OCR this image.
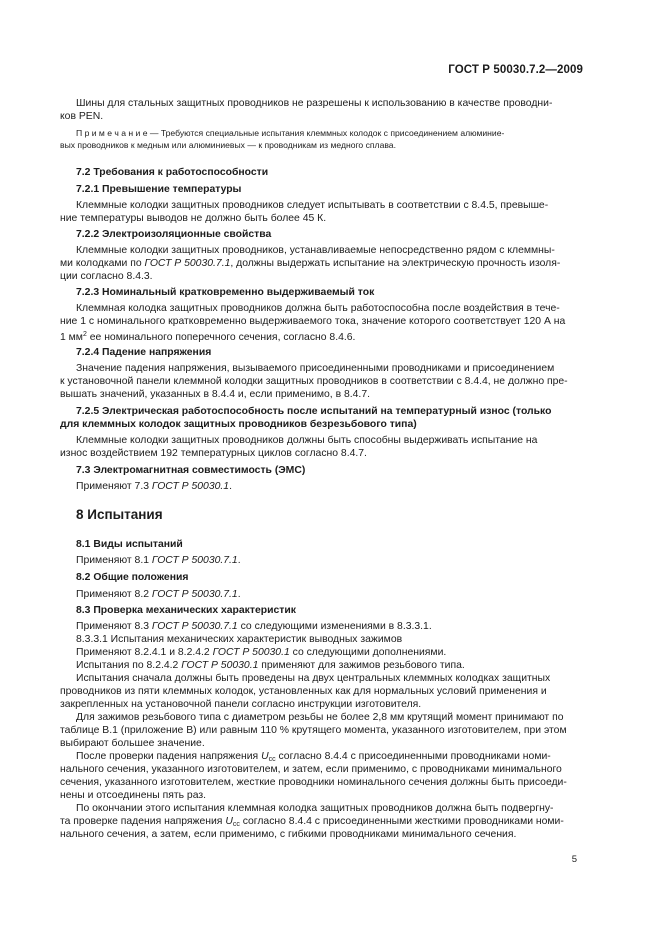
ГОСТ Р 50030.7.2—2009
Шины для стальных защитных проводников не разрешены к использованию в качестве проводни-
ков PEN.
П р и м е ч а н и е — Требуются специальные испытания клеммных колодок с присоединением алюминие-
вых проводников к медным или алюминиевых — к проводникам из медного сплава.
7.2 Требования к работоспособности
7.2.1 Превышение температуры
Клеммные колодки защитных проводников следует испытывать в соответствии с 8.4.5, превыше-
ние температуры выводов не должно быть более 45 К.
7.2.2 Электроизоляционные свойства
Клеммные колодки защитных проводников, устанавливаемые непосредственно рядом с клеммны-
ми колодками по ГОСТ Р 50030.7.1, должны выдержать испытание на электрическую прочность изоля-
ции согласно 8.4.3.
7.2.3 Номинальный кратковременно выдерживаемый ток
Клеммная колодка защитных проводников должна быть работоспособна после воздействия в тече-
ние 1 с номинального кратковременно выдерживаемого тока, значение которого соответствует 120 А на
1 $мм^2$ ее номинального поперечного сечения, согласно 8.4.6.
7.2.4 Падение напряжения
Значение падения напряжения, вызываемого присоединенными проводниками и присоединением
к установочной панели клеммной колодки защитных проводников в соответствии с 8.4.4, не должно пре-
вышать значений, указанных в 8.4.4 и, если применимо, в 8.4.7.
7.2.5 Электрическая работоспособность после испытаний на температурный износ (только
для клеммных колодок защитных проводников безрезьбового типа)
Клеммные колодки защитных проводников должны быть способны выдерживать испытание на
износ воздействием 192 температурных циклов согласно 8.4.7.
7.3 Электромагнитная совместимость (ЭМС)
Применяют 7.3 ГОСТ Р 50030.1.
8 Испытания
8.1 Виды испытаний
Применяют 8.1 ГОСТ Р 50030.7.1.
8.2 Общие положения
Применяют 8.2 ГОСТ Р 50030.7.1.
8.3 Проверка механических характеристик
Применяют 8.3 ГОСТ Р 50030.7.1 со следующими изменениями в 8.3.3.1.
8.3.3.1 Испытания механических характеристик выводных зажимов
Применяют 8.2.4.1 и 8.2.4.2 ГОСТ Р 50030.1 со следующими дополнениями.
Испытания по 8.2.4.2 ГОСТ Р 50030.1 применяют для зажимов резьбового типа.
Испытания сначала должны быть проведены на двух центральных клеммных колодках защитных
проводников из пяти клеммных колодок, установленных как для нормальных условий применения и
закрепленных на установочной панели согласно инструкции изготовителя.
Для зажимов резьбового типа с диаметром резьбы не более 2,8 мм крутящий момент принимают по
таблице В.1 (приложение В) или равным 110 % крутящего момента, указанного изготовителем, при этом
выбирают большее значение.
После проверки падения напряжения $U_{cc}$ согласно 8.4.4 с присоединенными проводниками номи-
нального сечения, указанного изготовителем, и затем, если применимо, с проводниками минимального
сечения, указанного изготовителем, жесткие проводники номинального сечения должны быть присоеди-
нены и отсоединены пять раз.
По окончании этого испытания клеммная колодка защитных проводников должна быть подвергну-
та проверке падения напряжения $U_{cc}$ согласно 8.4.4 с присоединенными жесткими проводниками номи-
нального сечения, а затем, если применимо, с гибкими проводниками минимального сечения.
5
